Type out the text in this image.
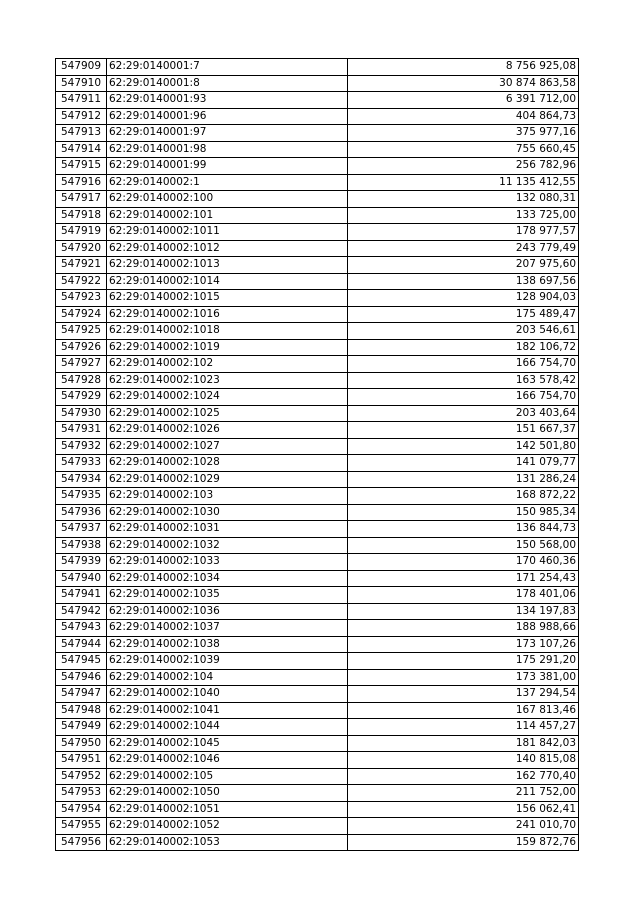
547909	62:29:0140001:7	8 756 925,08
547910	62:29:0140001:8	30 874 863,58
547911	62:29:0140001:93	6 391 712,00
547912	62:29:0140001:96	404 864,73
547913	62:29:0140001:97	375 977,16
547914	62:29:0140001:98	755 660,45
547915	62:29:0140001:99	256 782,96
547916	62:29:0140002:1	11 135 412,55
547917	62:29:0140002:100	132 080,31
547918	62:29:0140002:101	133 725,00
547919	62:29:0140002:1011	178 977,57
547920	62:29:0140002:1012	243 779,49
547921	62:29:0140002:1013	207 975,60
547922	62:29:0140002:1014	138 697,56
547923	62:29:0140002:1015	128 904,03
547924	62:29:0140002:1016	175 489,47
547925	62:29:0140002:1018	203 546,61
547926	62:29:0140002:1019	182 106,72
547927	62:29:0140002:102	166 754,70
547928	62:29:0140002:1023	163 578,42
547929	62:29:0140002:1024	166 754,70
547930	62:29:0140002:1025	203 403,64
547931	62:29:0140002:1026	151 667,37
547932	62:29:0140002:1027	142 501,80
547933	62:29:0140002:1028	141 079,77
547934	62:29:0140002:1029	131 286,24
547935	62:29:0140002:103	168 872,22
547936	62:29:0140002:1030	150 985,34
547937	62:29:0140002:1031	136 844,73
547938	62:29:0140002:1032	150 568,00
547939	62:29:0140002:1033	170 460,36
547940	62:29:0140002:1034	171 254,43
547941	62:29:0140002:1035	178 401,06
547942	62:29:0140002:1036	134 197,83
547943	62:29:0140002:1037	188 988,66
547944	62:29:0140002:1038	173 107,26
547945	62:29:0140002:1039	175 291,20
547946	62:29:0140002:104	173 381,00
547947	62:29:0140002:1040	137 294,54
547948	62:29:0140002:1041	167 813,46
547949	62:29:0140002:1044	114 457,27
547950	62:29:0140002:1045	181 842,03
547951	62:29:0140002:1046	140 815,08
547952	62:29:0140002:105	162 770,40
547953	62:29:0140002:1050	211 752,00
547954	62:29:0140002:1051	156 062,41
547955	62:29:0140002:1052	241 010,70
547956	62:29:0140002:1053	159 872,76
